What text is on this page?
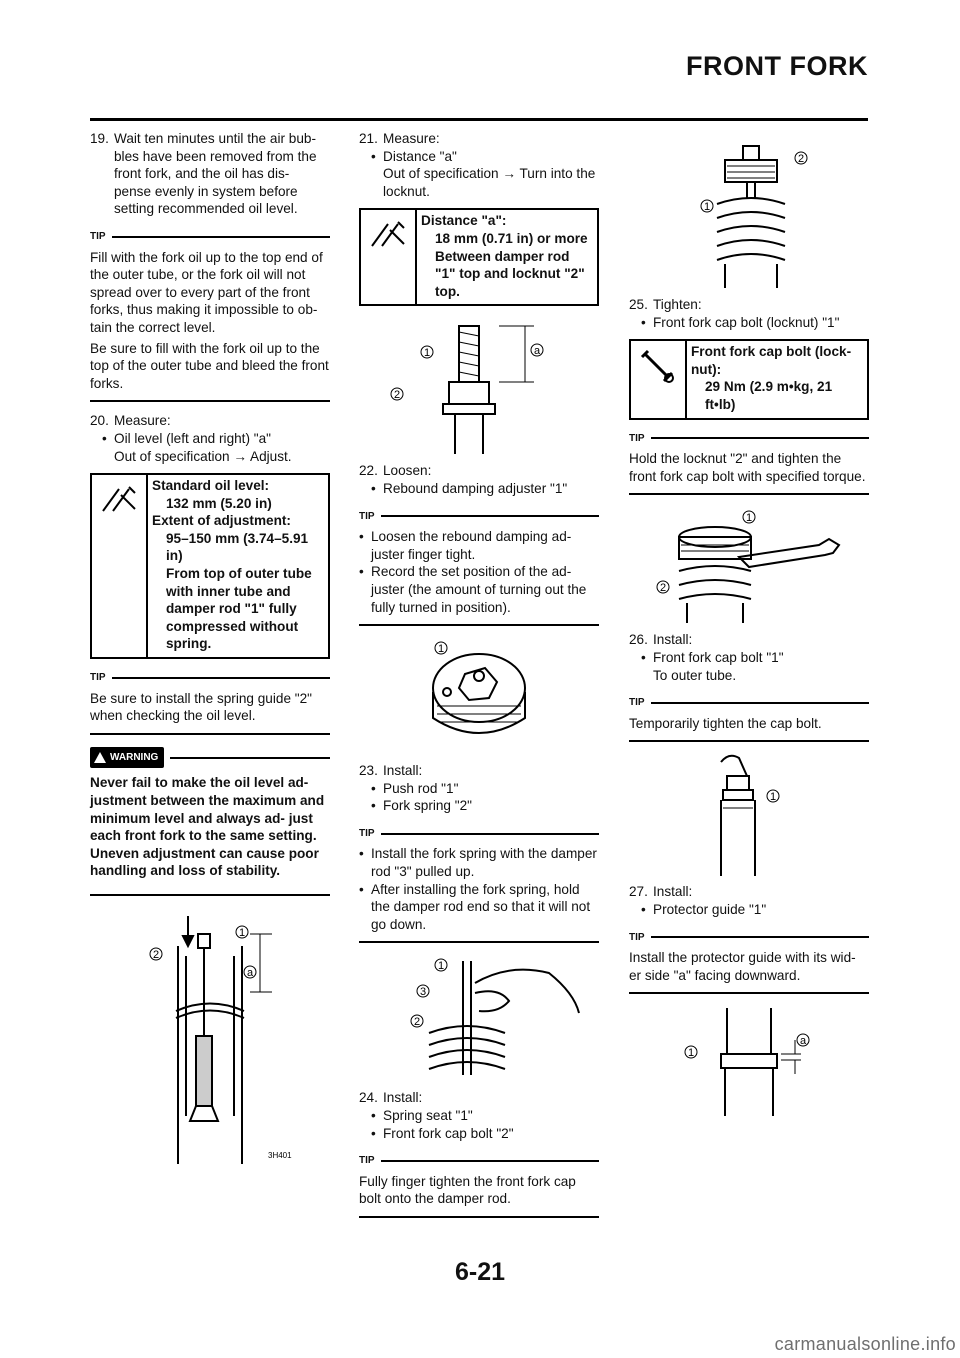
FRONT FORK

19. Wait ten minutes until the air bub- bles have been removed from the front fork, and the oil has dis- pense evenly in system before setting recommended oil level.

TIP

Fill with the fork oil up to the top end of the outer tube, or the fork oil will not spread over to every part of the front forks, thus making it impossible to ob- tain the correct level.

Be sure to fill with the fork oil up to the top of the outer tube and bleed the front forks.

20. Measure:

• Oil level (left and right) "a"

Out of specification → Adjust.

Standard oil level:
132 mm (5.20 in)
Extent of adjustment:
95–150 mm (3.74–5.91 in)
From top of outer tube with inner tube and damper rod "1" fully compressed without spring.
TIP

Be sure to install the spring guide "2" when checking the oil level.

WARNING

Never fail to make the oil level ad- justment between the maximum and minimum level and always ad- just each front fork to the same setting. Uneven adjustment can cause poor handling and loss of stability.

1
2
a
3H401

21. Measure:

• Distance "a"

Out of specification → Turn into the locknut.

Distance "a":
18 mm (0.71 in) or more
Between damper rod "1" top and locknut "2" top.
1	a
2

22. Loosen:

• Rebound damping adjuster "1"

TIP

• Loosen the rebound damping ad- juster finger tight.

• Record the set position of the ad- juster (the amount of turning out the fully turned in position).

1

23. Install:

• Push rod "1"

• Fork spring "2"

TIP

• Install the fork spring with the damper rod "3" pulled up.

• After installing the fork spring, hold the damper rod end so that it will not go down.

1
3
2

24. Install:

• Spring seat "1"

• Front fork cap bolt "2"

TIP

Fully finger tighten the front fork cap bolt onto the damper rod.

2
1

25. Tighten:

• Front fork cap bolt (locknut) "1"

Front fork cap bolt (lock- nut):
29 Nm (2.9 m•kg, 21 ft•lb)
TIP

Hold the locknut "2" and tighten the front fork cap bolt with specified torque.

1
2

26. Install:

• Front fork cap bolt "1"

To outer tube.

TIP

Temporarily tighten the cap bolt.

1

27. Install:

• Protector guide "1"

TIP

Install the protector guide with its wid- er side "a" facing downward.

1
a
6-21
carmanualsonline.info
